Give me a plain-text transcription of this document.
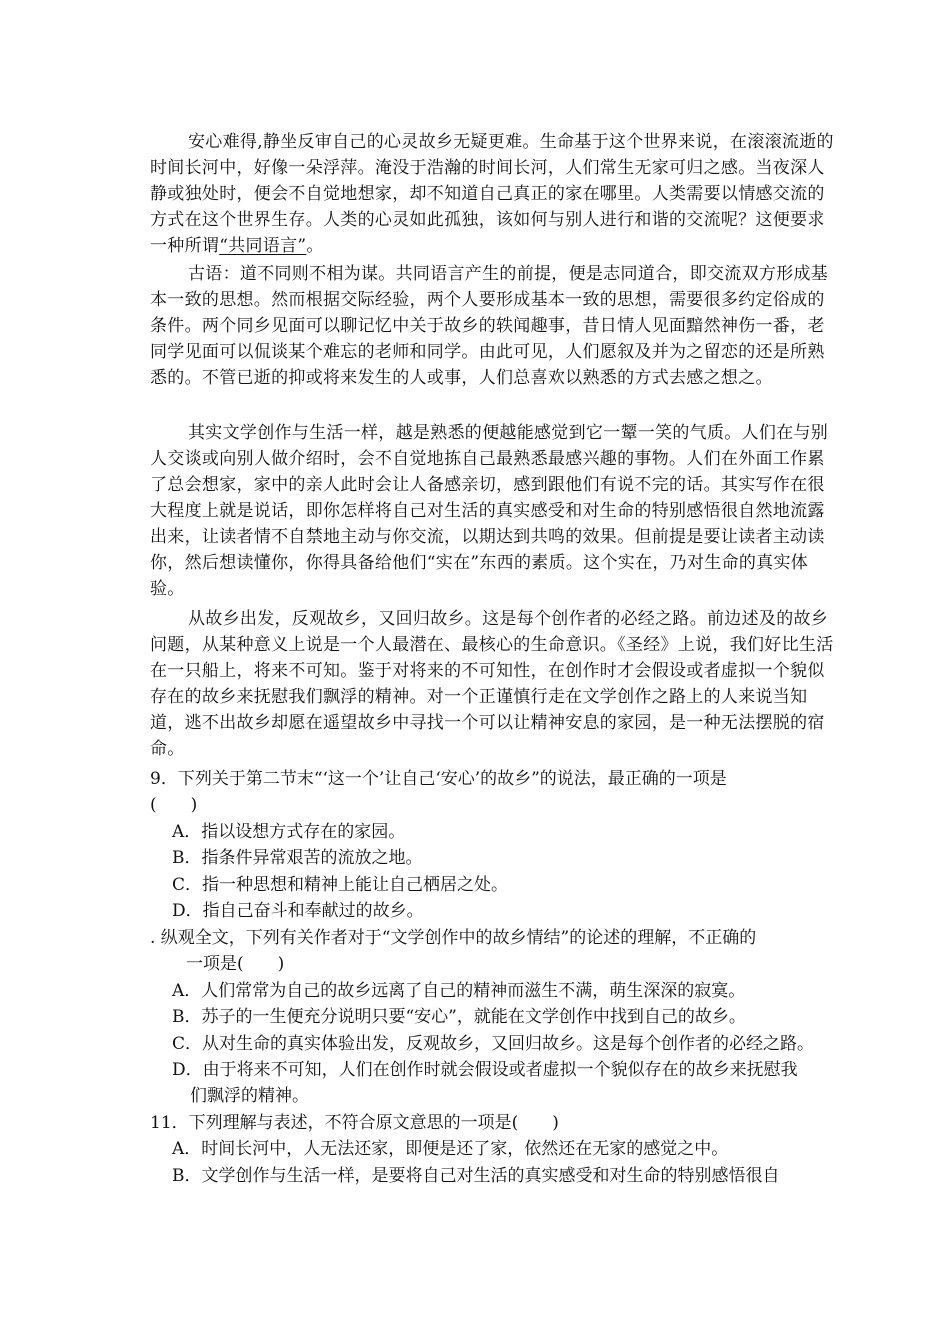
安心难得,静坐反审自己的心灵故乡无疑更难。生命基于这个世界来说，在滚滚流逝的时间长河中，好像一朵浮萍。淹没于浩瀚的时间长河，人们常生无家可归之感。当夜深人静或独处时，便会不自觉地想家，却不知道自己真正的家在哪里。人类需要以情感交流的方式在这个世界生存。人类的心灵如此孤独，该如何与别人进行和谐的交流呢？这便要求一种所谓“共同语言”。

古语：道不同则不相为谋。共同语言产生的前提，便是志同道合，即交流双方形成基本一致的思想。然而根据交际经验，两个人要形成基本一致的思想，需要很多约定俗成的条件。两个同乡见面可以聊记忆中关于故乡的轶闻趣事，昔日情人见面黯然神伤一番，老同学见面可以侃谈某个难忘的老师和同学。由此可见，人们愿叙及并为之留恋的还是所熟悉的。不管已逝的抑或将来发生的人或事，人们总喜欢以熟悉的方式去感之想之。

其实文学创作与生活一样，越是熟悉的便越能感觉到它一颦一笑的气质。人们在与别人交谈或向别人做介绍时，会不自觉地拣自己最熟悉最感兴趣的事物。人们在外面工作累了总会想家，家中的亲人此时会让人备感亲切，感到跟他们有说不完的话。其实写作在很大程度上就是说话，即你怎样将自己对生活的真实感受和对生命的特别感悟很自然地流露出来，让读者情不自禁地主动与你交流，以期达到共鸣的效果。但前提是要让读者主动读你，然后想读懂你，你得具备给他们“实在”东西的素质。这个实在，乃对生命的真实体验。

从故乡出发，反观故乡，又回归故乡。这是每个创作者的必经之路。前边述及的故乡问题，从某种意义上说是一个人最潜在、最核心的生命意识。《圣经》上说，我们好比生活在一只船上，将来不可知。鉴于对将来的不可知性，在创作时才会假设或者虚拟一个貌似存在的故乡来抚慰我们飘浮的精神。对一个正谨慎行走在文学创作之路上的人来说当知道，逃不出故乡却愿在遥望故乡中寻找一个可以让精神安息的家园，是一种无法摆脱的宿命。

9．下列关于第二节末“‘这一个’让自己‘安心’的故乡”的说法，最正确的一项是
(　　)

A．指以设想方式存在的家园。

B．指条件异常艰苦的流放之地。

C．指一种思想和精神上能让自己栖居之处。

D．指自己奋斗和奉献过的故乡。

. 纵观全文，下列有关作者对于“文学创作中的故乡情结”的论述的理解，不正确的

一项是(　　)

A．人们常常为自己的故乡远离了自己的精神而滋生不满，萌生深深的寂寞。

B．苏子的一生便充分说明只要“安心”，就能在文学创作中找到自己的故乡。

C．从对生命的真实体验出发，反观故乡，又回归故乡。这是每个创作者的必经之路。

D．由于将来不可知，人们在创作时就会假设或者虚拟一个貌似存在的故乡来抚慰我

们飘浮的精神。

11．下列理解与表述，不符合原文意思的一项是(　　)

A．时间长河中，人无法还家，即便是还了家，依然还在无家的感觉之中。

B．文学创作与生活一样，是要将自己对生活的真实感受和对生命的特别感悟很自
